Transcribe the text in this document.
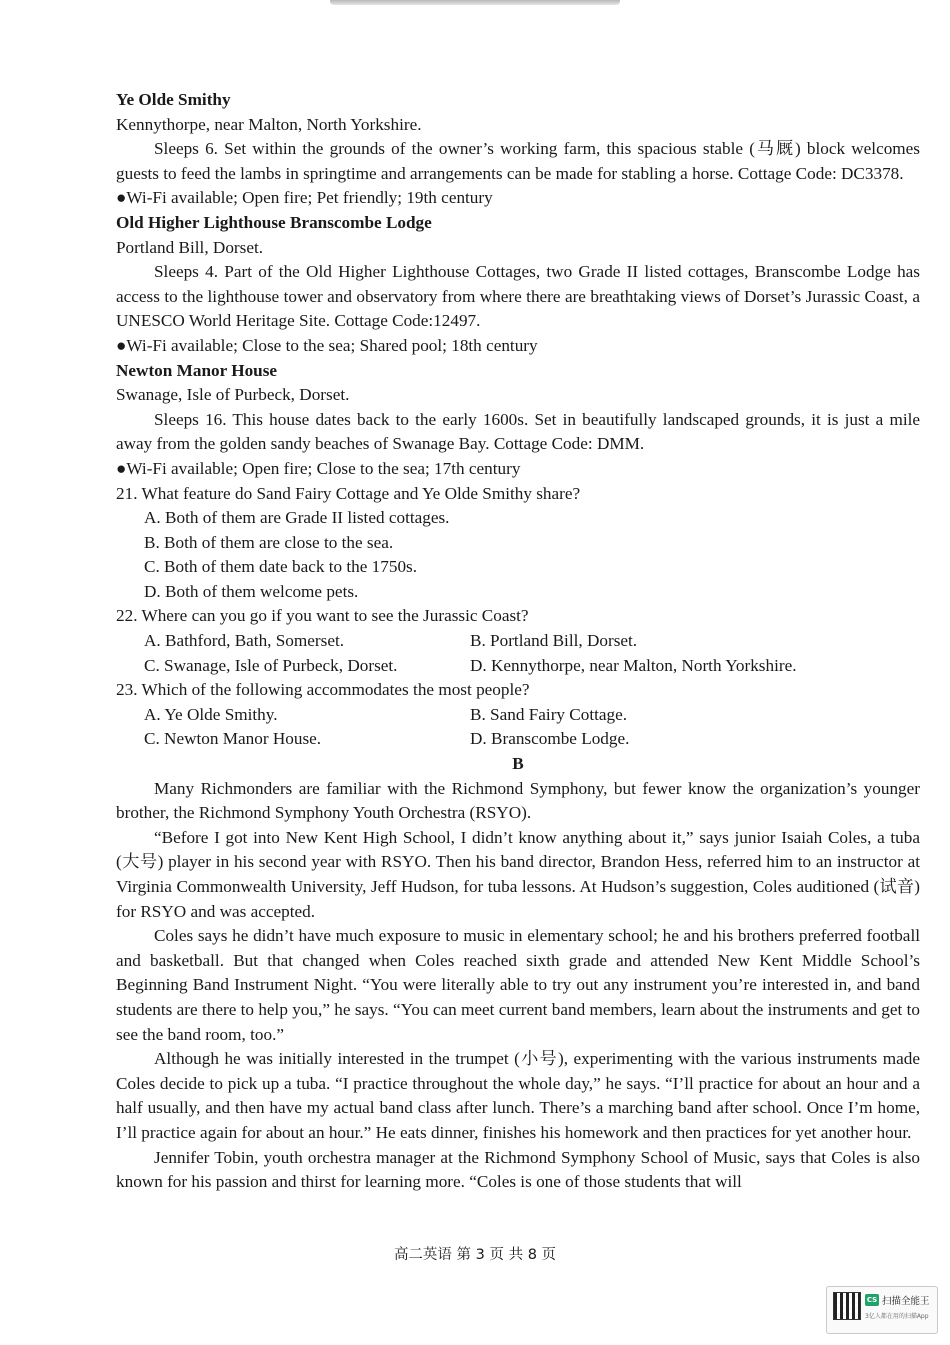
Ye Olde Smithy

Kennythorpe, near Malton, North Yorkshire.

Sleeps 6. Set within the grounds of the owner’s working farm, this spacious stable (马厩) block welcomes guests to feed the lambs in springtime and arrangements can be made for stabling a horse. Cottage Code: DC3378.

●Wi-Fi available; Open fire; Pet friendly; 19th century

Old Higher Lighthouse Branscombe Lodge

Portland Bill, Dorset.

Sleeps 4. Part of the Old Higher Lighthouse Cottages, two Grade II listed cottages, Branscombe Lodge has access to the lighthouse tower and observatory from where there are breathtaking views of Dorset’s Jurassic Coast, a UNESCO World Heritage Site. Cottage Code:12497.

●Wi-Fi available; Close to the sea; Shared pool; 18th century

Newton Manor House

Swanage, Isle of Purbeck, Dorset.

Sleeps 16. This house dates back to the early 1600s. Set in beautifully landscaped grounds, it is just a mile away from the golden sandy beaches of Swanage Bay. Cottage Code: DMM.

●Wi-Fi available; Open fire; Close to the sea; 17th century

21. What feature do Sand Fairy Cottage and Ye Olde Smithy share?

A. Both of them are Grade II listed cottages.

B. Both of them are close to the sea.

C. Both of them date back to the 1750s.

D. Both of them welcome pets.

22. Where can you go if you want to see the Jurassic Coast?

A. Bathford, Bath, Somerset.	B. Portland Bill, Dorset.

C. Swanage, Isle of Purbeck, Dorset.	D. Kennythorpe, near Malton, North Yorkshire.

23. Which of the following accommodates the most people?

A. Ye Olde Smithy.	B. Sand Fairy Cottage.

C. Newton Manor House.	D. Branscombe Lodge.

B

Many Richmonders are familiar with the Richmond Symphony, but fewer know the organization’s younger brother, the Richmond Symphony Youth Orchestra (RSYO).

“Before I got into New Kent High School, I didn’t know anything about it,” says junior Isaiah Coles, a tuba (大号) player in his second year with RSYO. Then his band director, Brandon Hess, referred him to an instructor at Virginia Commonwealth University, Jeff Hudson, for tuba lessons. At Hudson’s suggestion, Coles auditioned (试音) for RSYO and was accepted.

Coles says he didn’t have much exposure to music in elementary school; he and his brothers preferred football and basketball. But that changed when Coles reached sixth grade and attended New Kent Middle School’s Beginning Band Instrument Night. “You were literally able to try out any instrument you’re interested in, and band students are there to help you,” he says. “You can meet current band members, learn about the instruments and get to see the band room, too.”

Although he was initially interested in the trumpet (小号), experimenting with the various instruments made Coles decide to pick up a tuba. “I practice throughout the whole day,” he says. “I’ll practice for about an hour and a half usually, and then have my actual band class after lunch. There’s a marching band after school. Once I’m home, I’ll practice again for about an hour.” He eats dinner, finishes his homework and then practices for yet another hour.

Jennifer Tobin, youth orchestra manager at the Richmond Symphony School of Music, says that Coles is also known for his passion and thirst for learning more. “Coles is one of those students that will

高二英语 第 3 页 共 8 页
CS 扫描全能王
3亿人都在用的扫描App
